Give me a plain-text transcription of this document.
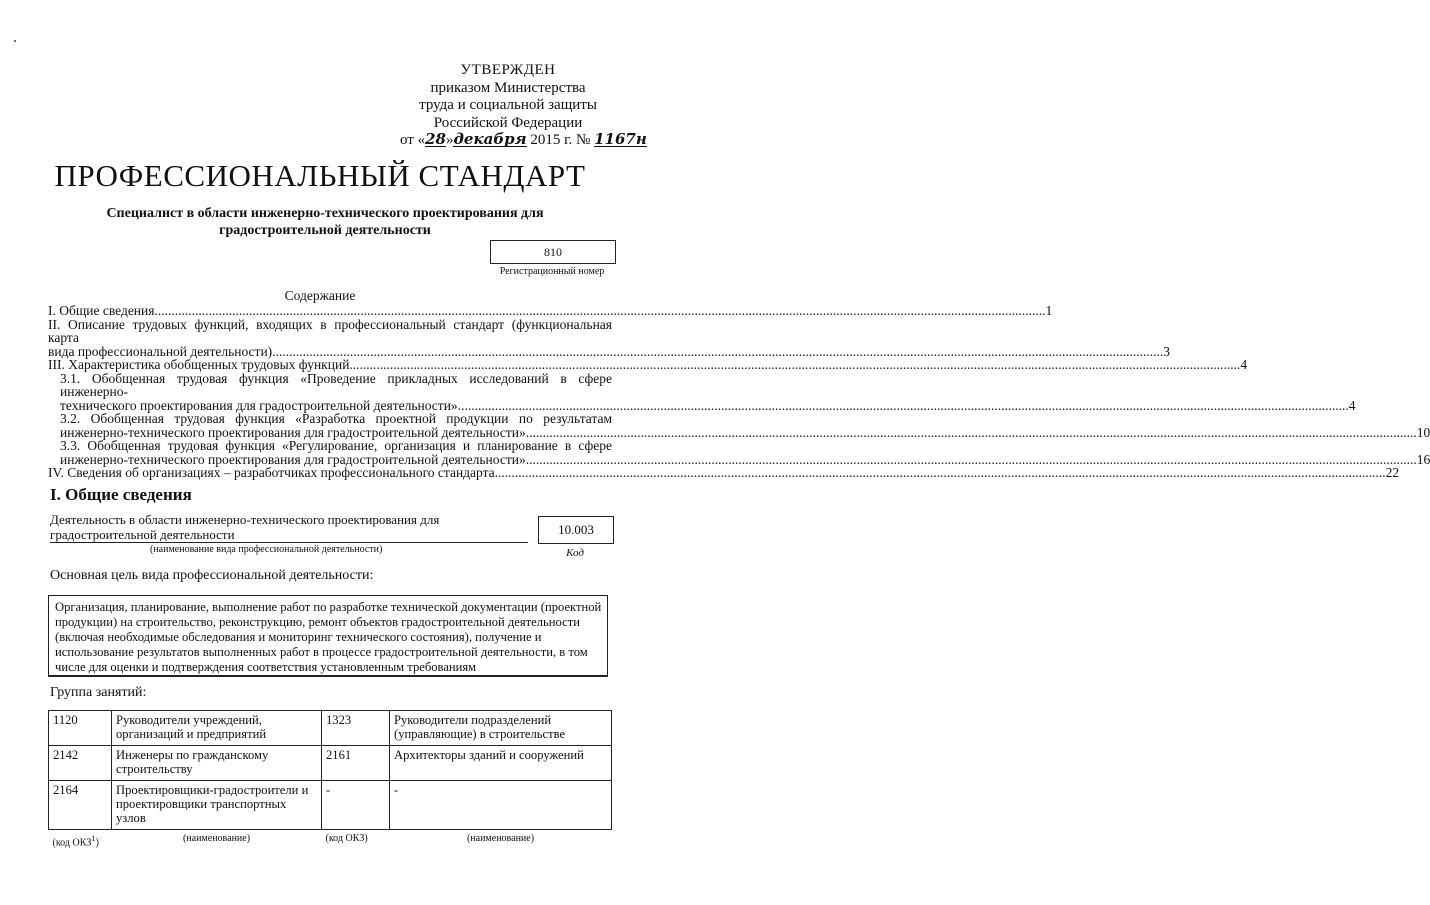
УТВЕРЖДЕН
приказом Министерства
труда и социальной защиты
Российской Федерации
от «28»декабря 2015 г. № 1167н
ПРОФЕССИОНАЛЬНЫЙ СТАНДАРТ
Специалист в области инженерно-технического проектирования для
градостроительной деятельности
810
Регистрационный номер
Содержание
I. Общие сведения .....	1
II. Описание трудовых функций, входящих в профессиональный стандарт (функциональная карта
вида профессиональной деятельности) .....	3
III. Характеристика обобщенных трудовых функций .....	4
3.1. Обобщенная трудовая функция «Проведение прикладных исследований в сфере инженерно-
технического проектирования для градостроительной деятельности» .....	4
3.2. Обобщенная трудовая функция «Разработка проектной продукции по результатам
инженерно-технического проектирования для градостроительной деятельности» .....	10
3.3. Обобщенная трудовая функция «Регулирование, организация и планирование в сфере
инженерно-технического проектирования для градостроительной деятельности» .....	16
IV. Сведения об организациях – разработчиках профессионального стандарта .....	22
I. Общие сведения
Деятельность в области инженерно-технического проектирования для
градостроительной деятельности
(наименование вида профессиональной деятельности)
10.003
Код
Основная цель вида профессиональной деятельности:
Организация, планирование, выполнение работ по разработке технической документации (проектной продукции) на строительство, реконструкцию, ремонт объектов градостроительной деятельности (включая необходимые обследования и мониторинг технического состояния), получение и использование результатов выполненных работ в процессе градостроительной деятельности, в том числе для оценки и подтверждения соответствия установленным требованиям
Группа занятий:
1120	Руководители учреждений, организаций и предприятий	1323	Руководители подразделений (управляющие) в строительстве
2142	Инженеры по гражданскому строительству	2161	Архитекторы зданий и сооружений
2164	Проектировщики-градостроители и проектировщики транспортных узлов	-	-
(код ОКЗ$^1$)	(наименование)	(код ОКЗ)	(наименование)
